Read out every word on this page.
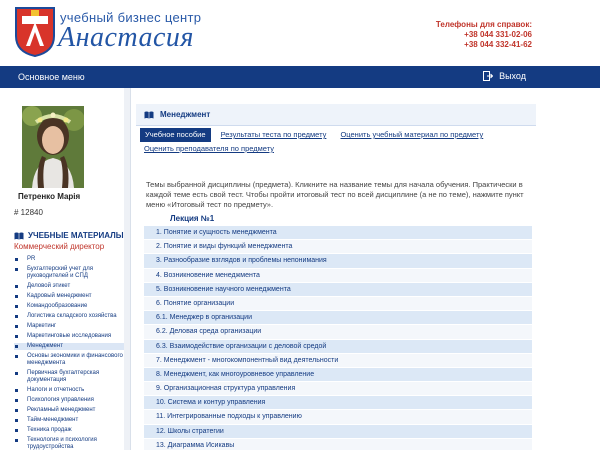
учебный бизнес центр
Анастасия	Телефоны для справок:
+38 044 331-02-06
+38 044 332-41-62
Основное меню	Выход
Петренко Марія
# 12840
УЧЕБНЫЕ МАТЕРИАЛЫ
Коммерческий директор
PR
Бухгалтерский учет для руководителей и СПД
Деловой этикет
Кадровый менеджмент
Командообразование
Логистика складского хозяйства
Маркетинг
Маркетинговые исследования
Менеджмент
Основы экономики и финансового менеджмента
Первичная бухгалтерская документация
Налоги и отчетность
Психология управления
Рекламный менеджмент
Тайм-менеджмент
Техника продаж
Технология и психология трудоустройства
Менеджмент
Учебное пособие Результаты теста по предмету Оценить учебный материал по предмету
Оценить преподавателя по предмету
Темы выбранной дисциплины (предмета). Кликните на название темы для начала обучения. Практически в каждой теме есть свой тест. Чтобы пройти итоговый тест по всей дисциплине (а не по теме), нажмите пункт меню «Итоговый тест по предмету».
Лекция №1
1. Понятие и сущность менеджмента
2. Понятие и виды функций менеджмента
3. Разнообразие взглядов и проблемы непонимания
4. Возникновение менеджмента
5. Возникновение научного менеджмента
6. Понятие организации
6.1. Менеджер в организации
6.2. Деловая среда организации
6.3. Взаимодействие организации с деловой средой
7. Менеджмент - многокомпонентный вид деятельности
8. Менеджмент, как многоуровневое управление
9. Организационная структура управления
10. Система и контур управления
11. Интегрированные подходы к управлению
12. Школы стратегии
13. Диаграмма Исикавы
